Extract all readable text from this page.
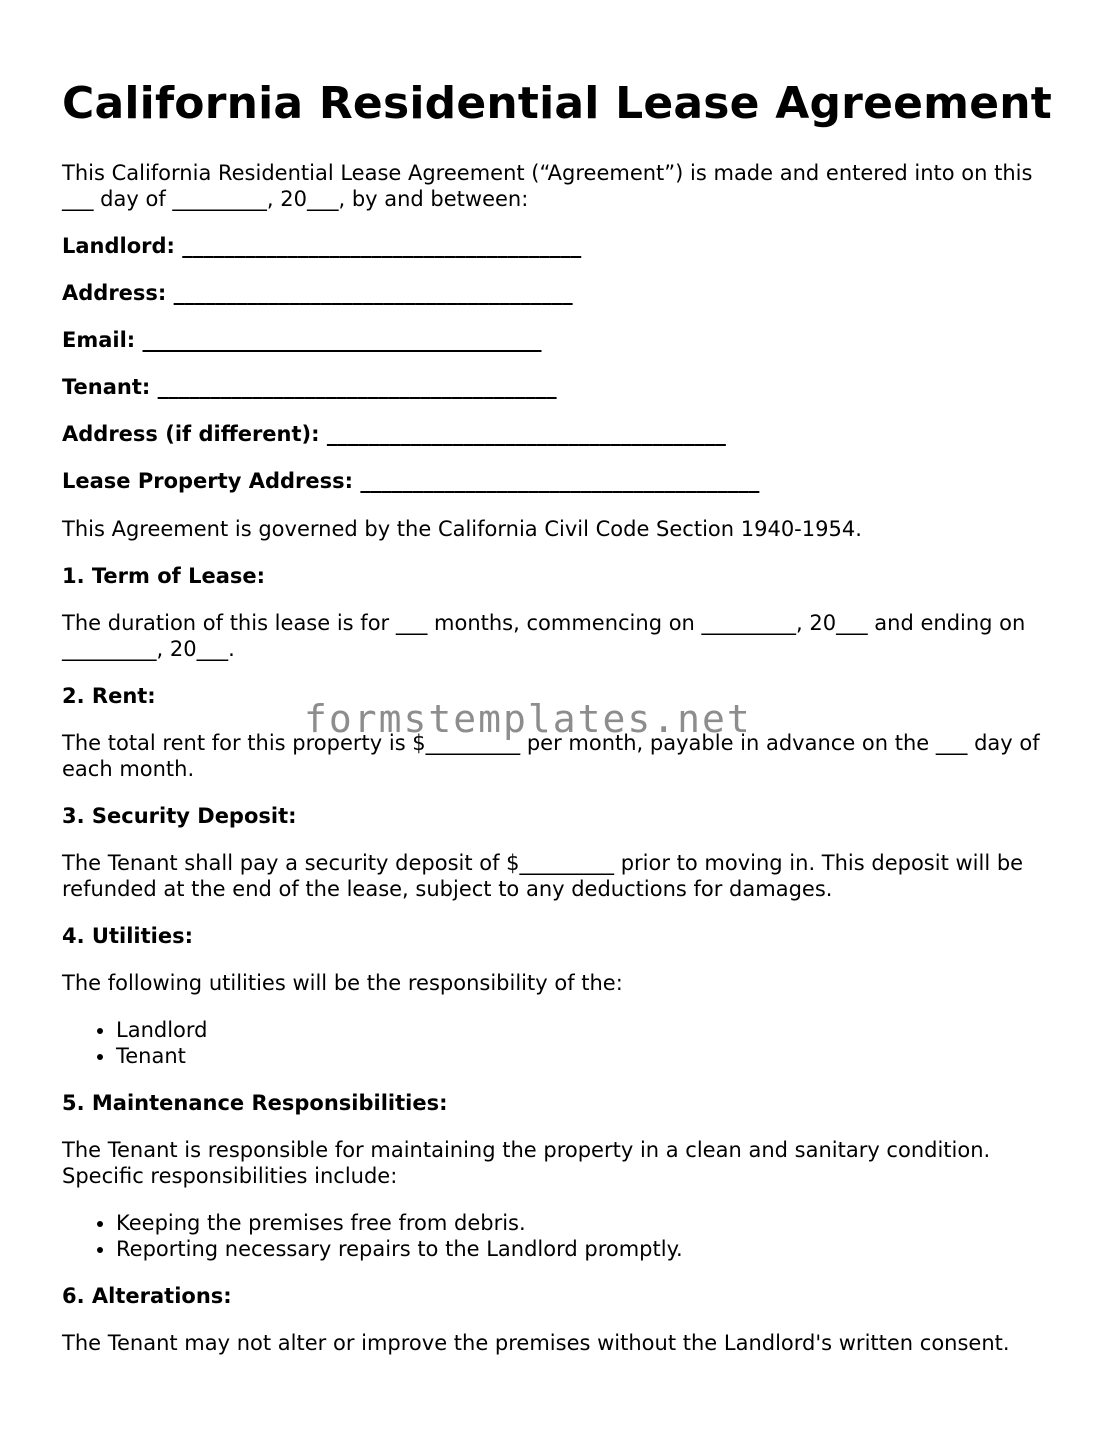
California Residential Lease Agreement

This California Residential Lease Agreement (“Agreement”) is made and entered into on this ___ day of _________, 20___, by and between:

Landlord: ______________________________________

Address: ______________________________________

Email: ______________________________________

Tenant: ______________________________________

Address (if different): ______________________________________

Lease Property Address: ______________________________________

This Agreement is governed by the California Civil Code Section 1940-1954.

1. Term of Lease:

The duration of this lease is for ___ months, commencing on _________, 20___ and ending on _________, 20___.

2. Rent:

The total rent for this property is $_________ per month, payable in advance on the ___ day of each month.

3. Security Deposit:

The Tenant shall pay a security deposit of $_________ prior to moving in. This deposit will be refunded at the end of the lease, subject to any deductions for damages.

4. Utilities:

The following utilities will be the responsibility of the:

• Landlord
• Tenant

5. Maintenance Responsibilities:

The Tenant is responsible for maintaining the property in a clean and sanitary condition. Specific responsibilities include:

• Keeping the premises free from debris.
• Reporting necessary repairs to the Landlord promptly.

6. Alterations:

The Tenant may not alter or improve the premises without the Landlord's written consent.

formstemplates.net
